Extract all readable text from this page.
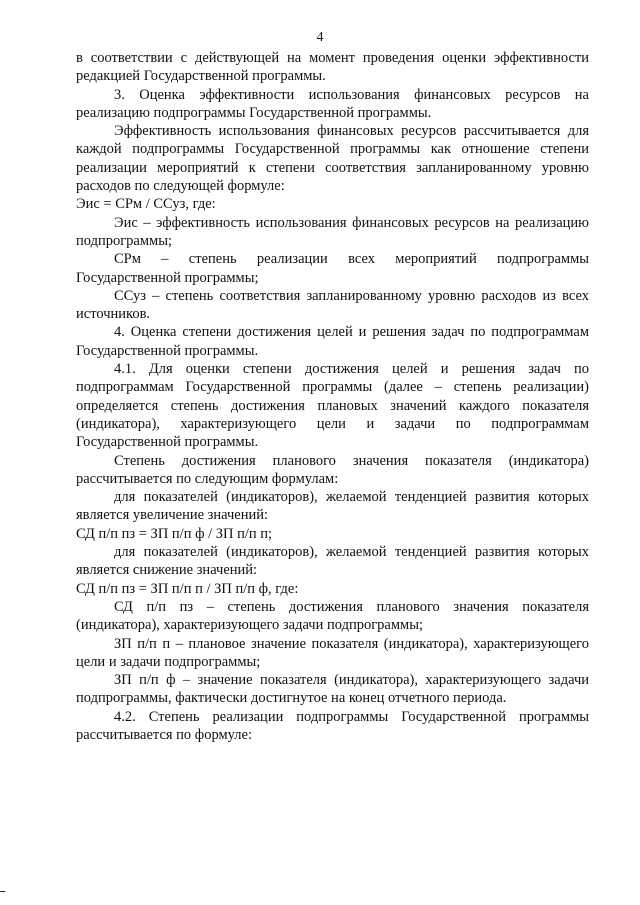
4

в соответствии с действующей на момент проведения оценки эффективности редакцией Государственной программы.

3. Оценка эффективности использования финансовых ресурсов на реализацию подпрограммы Государственной программы.

Эффективность использования финансовых ресурсов рассчитывается для каждой подпрограммы Государственной программы как отношение степени реализации мероприятий к степени соответствия запланированному уровню расходов по следующей формуле:

Эис = СРм / ССуз, где:

Эис – эффективность использования финансовых ресурсов на реализацию подпрограммы;

СРм – степень реализации всех мероприятий подпрограммы Государственной программы;

ССуз – степень соответствия запланированному уровню расходов из всех источников.

4. Оценка степени достижения целей и решения задач по подпрограммам Государственной программы.

4.1. Для оценки степени достижения целей и решения задач по подпрограммам Государственной программы (далее – степень реализации) определяется степень достижения плановых значений каждого показателя (индикатора), характеризующего цели и задачи по подпрограммам Государственной программы.

Степень достижения планового значения показателя (индикатора) рассчитывается по следующим формулам:

для показателей (индикаторов), желаемой тенденцией развития которых является увеличение значений:

СД п/п пз = ЗП п/п ф / ЗП п/п п;

для показателей (индикаторов), желаемой тенденцией развития которых является снижение значений:

СД п/п пз = ЗП п/п п / ЗП п/п ф, где:

СД п/п пз – степень достижения планового значения показателя (индикатора), характеризующего задачи подпрограммы;

ЗП п/п п – плановое значение показателя (индикатора), характеризующего цели и задачи подпрограммы;

ЗП п/п ф – значение показателя (индикатора), характеризующего задачи подпрограммы, фактически достигнутое на конец отчетного периода.

4.2. Степень реализации подпрограммы Государственной программы рассчитывается по формуле:
